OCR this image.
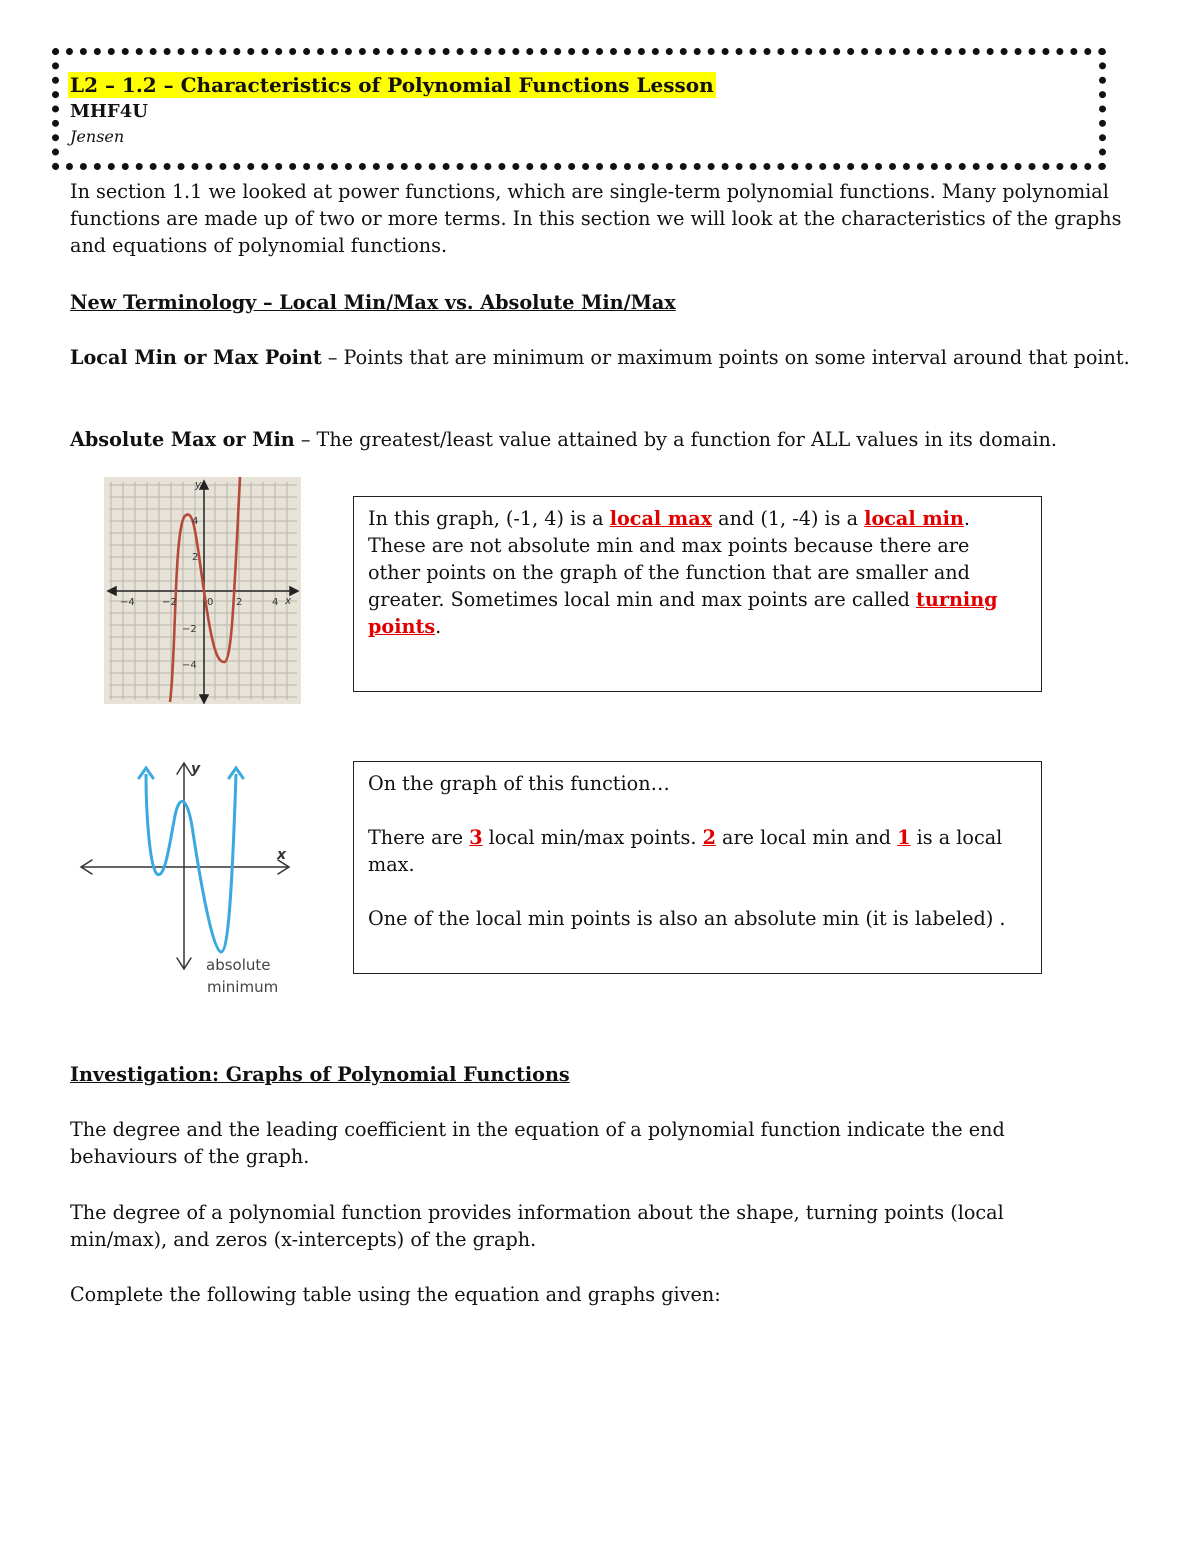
L2 – 1.2 – Characteristics of Polynomial Functions Lesson
MHF4U
Jensen
In section 1.1 we looked at power functions, which are single-term polynomial functions. Many polynomial functions are made up of two or more terms. In this section we will look at the characteristics of the graphs and equations of polynomial functions.
New Terminology – Local Min/Max vs. Absolute Min/Max
Local Min or Max Point – Points that are minimum or maximum points on some interval around that point.
Absolute Max or Min – The greatest/least value attained by a function for ALL values in its domain.
y
x
−4	−2	0 2	4
4
2
−2
−4
In this graph, (-1, 4) is a local max and (1, -4) is a local min. These are not absolute min and max points because there are other points on the graph of the function that are smaller and greater. Sometimes local min and max points are called turning points.
y
x
absolute
minimum
On the graph of this function…
There are 3 local min/max points. 2 are local min and 1 is a local max.
One of the local min points is also an absolute min (it is labeled) .
Investigation: Graphs of Polynomial Functions
The degree and the leading coefficient in the equation of a polynomial function indicate the end behaviours of the graph.
The degree of a polynomial function provides information about the shape, turning points (local min/max), and zeros (x-intercepts) of the graph.
Complete the following table using the equation and graphs given:
